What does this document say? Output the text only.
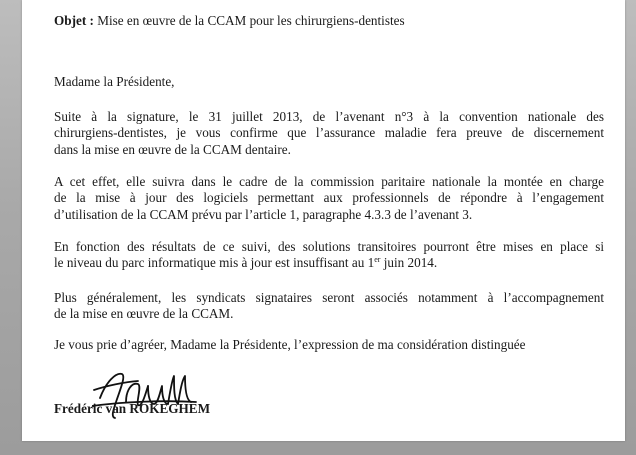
Objet : Mise en œuvre de la CCAM pour les chirurgiens-dentistes
Madame la Présidente,
Suite à la signature, le 31 juillet 2013, de l’avenant n°3 à la convention nationale des
chirurgiens-dentistes, je vous confirme que l’assurance maladie fera preuve de discernement
dans la mise en œuvre de la CCAM dentaire.
A cet effet, elle suivra dans le cadre de la commission paritaire nationale la montée en charge
de la mise à jour des logiciels permettant aux professionnels de répondre à l’engagement
d’utilisation de la CCAM prévu par l’article 1, paragraphe 4.3.3 de l’avenant 3.
En fonction des résultats de ce suivi, des solutions transitoires pourront être mises en place si
le niveau du parc informatique mis à jour est insuffisant au 1er juin 2014.
Plus généralement, les syndicats signataires seront associés notamment à l’accompagnement
de la mise en œuvre de la CCAM.
Je vous prie d’agréer, Madame la Présidente, l’expression de ma considération distinguée
Frédéric van ROKEGHEM
